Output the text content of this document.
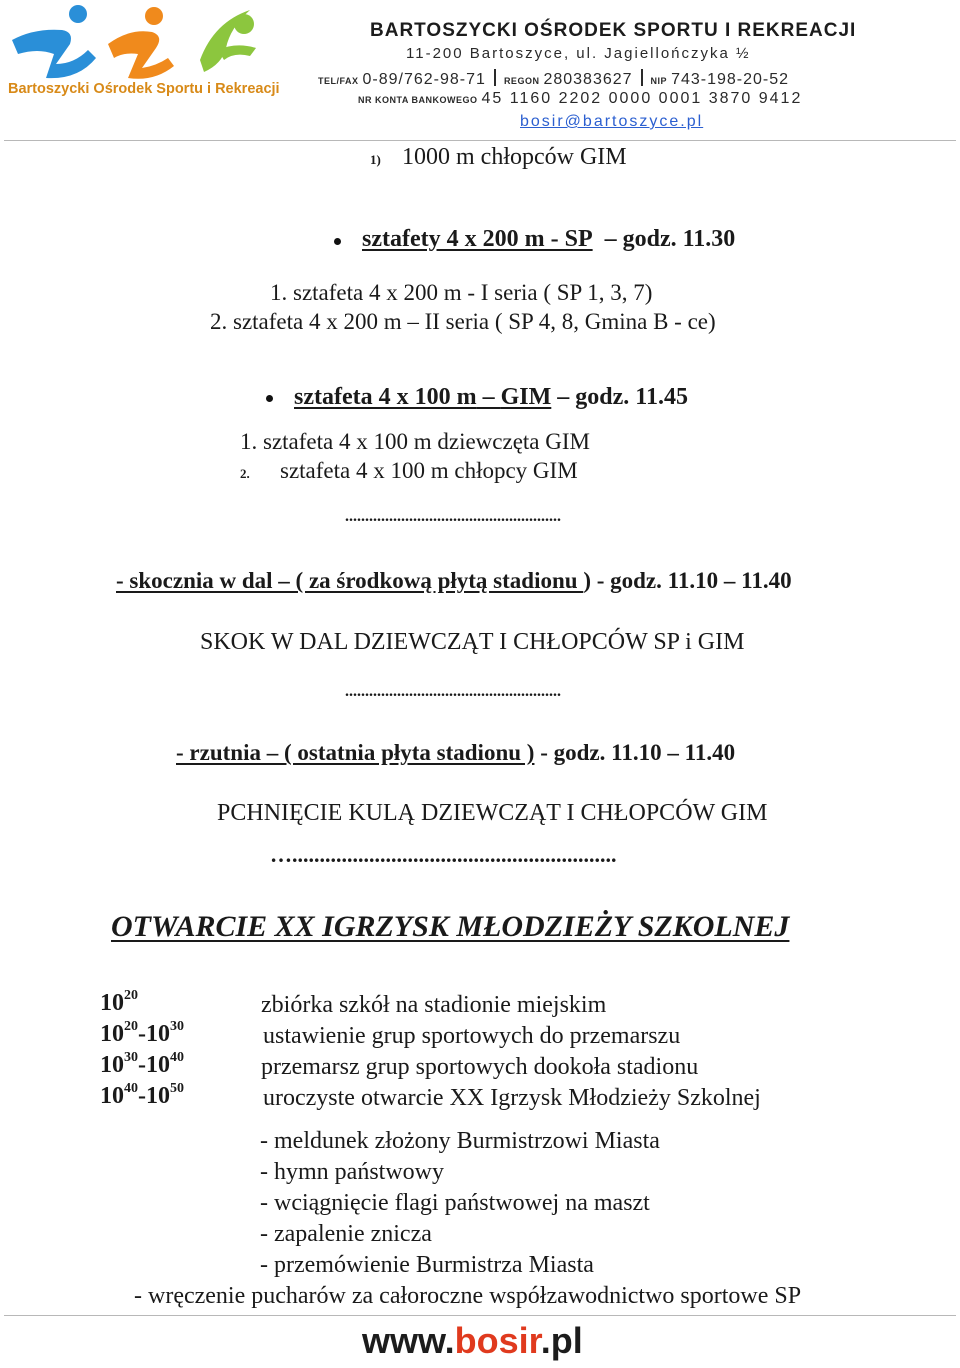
Bartoszycki Ośrodek Sportu i Rekreacji
BARTOSZYCKI OŚRODEK SPORTU I REKREACJI
11-200 Bartoszyce, ul. Jagiellończyka ½
TEL/FAX 0-89/762-98-71 REGON 280383627 NIP 743-198-20-52
NR KONTA BANKOWEGO 45 1160 2202 0000 0001 3870 9412
bosir@bartoszyce.pl
1) 1000 m chłopców GIM
sztafety 4 x 200 m - SP – godz. 11.30
1. sztafeta 4 x 200 m - I seria ( SP 1, 3, 7)
2. sztafeta 4 x 200 m – II seria ( SP 4, 8, Gmina B - ce)
sztafeta 4 x 100 m – GIM – godz. 11.45
1. sztafeta 4 x 100 m dziewczęta GIM
2. sztafeta 4 x 100 m chłopcy GIM
......................................................
- skocznia w dal – ( za środkową płytą stadionu ) - godz. 11.10 – 11.40
SKOK W DAL DZIEWCZĄT I CHŁOPCÓW SP i GIM
......................................................
- rzutnia – ( ostatnia płyta stadionu ) - godz. 11.10 – 11.40
PCHNIĘCIE KULĄ DZIEWCZĄT I CHŁOPCÓW GIM
…...........................................................
OTWARCIE XX IGRZYSK MŁODZIEŻY SZKOLNEJ
$10^{20}$	zbiórka szkół na stadionie miejskim
$10^{20}-10^{30}$	ustawienie grup sportowych do przemarszu
$10^{30}-10^{40}$	przemarsz grup sportowych dookoła stadionu
$10^{40}-10^{50}$	uroczyste otwarcie XX Igrzysk Młodzieży Szkolnej
- meldunek złożony Burmistrzowi Miasta
- hymn państwowy
- wciągnięcie flagi państwowej na maszt
- zapalenie znicza
- przemówienie Burmistrza Miasta
- wręczenie pucharów za całoroczne współzawodnictwo sportowe SP
www.bosir.pl
